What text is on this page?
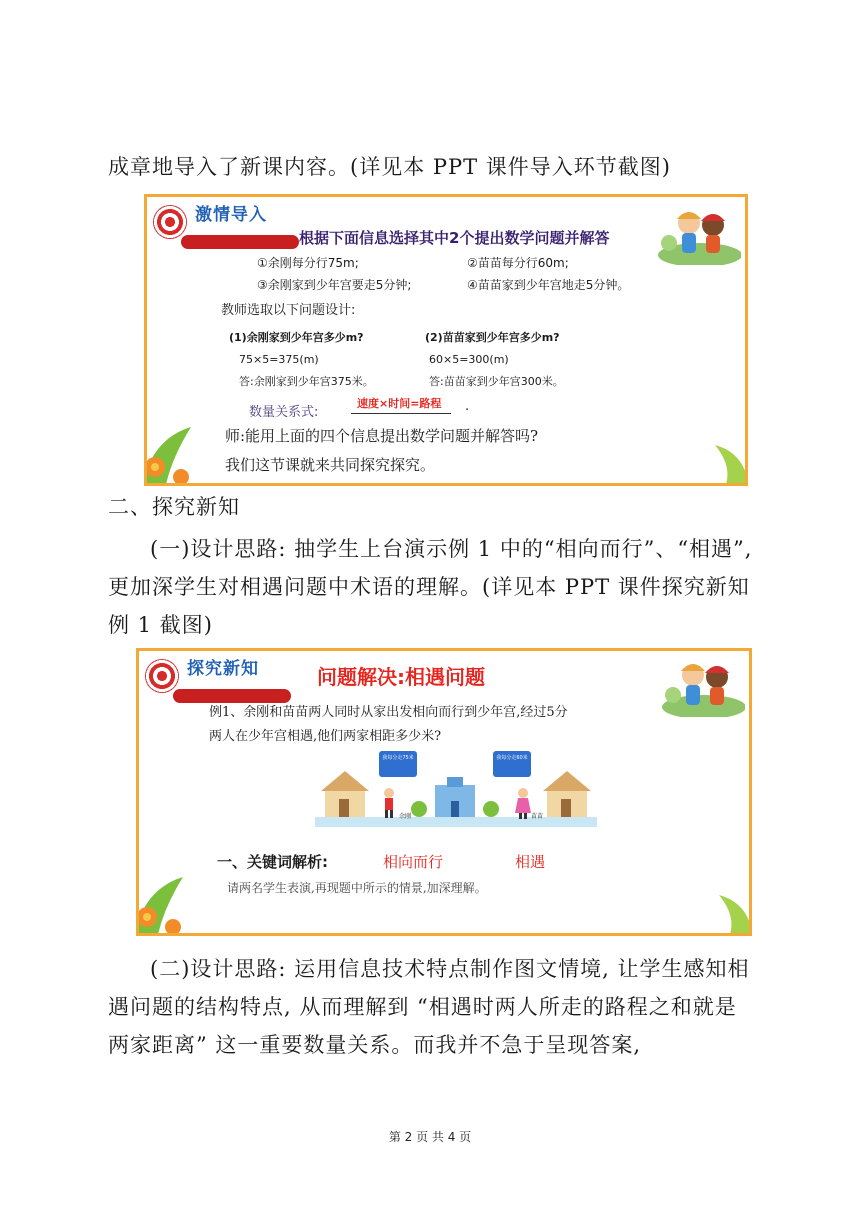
成章地导入了新课内容。(详见本 PPT 课件导入环节截图)
激情导入
根据下面信息选择其中2个提出数学问题并解答
①余刚每分行75m;	②苗苗每分行60m;
③余刚家到少年宫要走5分钟;	④苗苗家到少年宫地走5分钟。
教师选取以下问题设计:
(1)余刚家到少年宫多少m?	(2)苗苗家到少年宫多少m?
75×5=375(m)	60×5=300(m)
答:余刚家到少年宫375米。	答:苗苗家到少年宫300米。
数量关系式:
速度×时间=路程	.
师:能用上面的四个信息提出数学问题并解答吗?
我们这节课就来共同探究探究。
二、探究新知
(一)设计思路: 抽学生上台演示例 1 中的“相向而行”、“相遇”, 更加深学生对相遇问题中术语的理解。(详见本 PPT 课件探究新知例 1 截图)
探究新知	问题解决:相遇问题
例1、余刚和苗苗两人同时从家出发相向而行到少年宫,经过5分
两人在少年宫相遇,他们两家相距多少米?
我每分走75米	我每分走60米
余刚	苗苗
一、关键词解析:	相向而行	相遇
请两名学生表演,再现题中所示的情景,加深理解。
(二)设计思路: 运用信息技术特点制作图文情境, 让学生感知相遇问题的结构特点, 从而理解到 “相遇时两人所走的路程之和就是两家距离” 这一重要数量关系。而我并不急于呈现答案,
第 2 页 共 4 页
